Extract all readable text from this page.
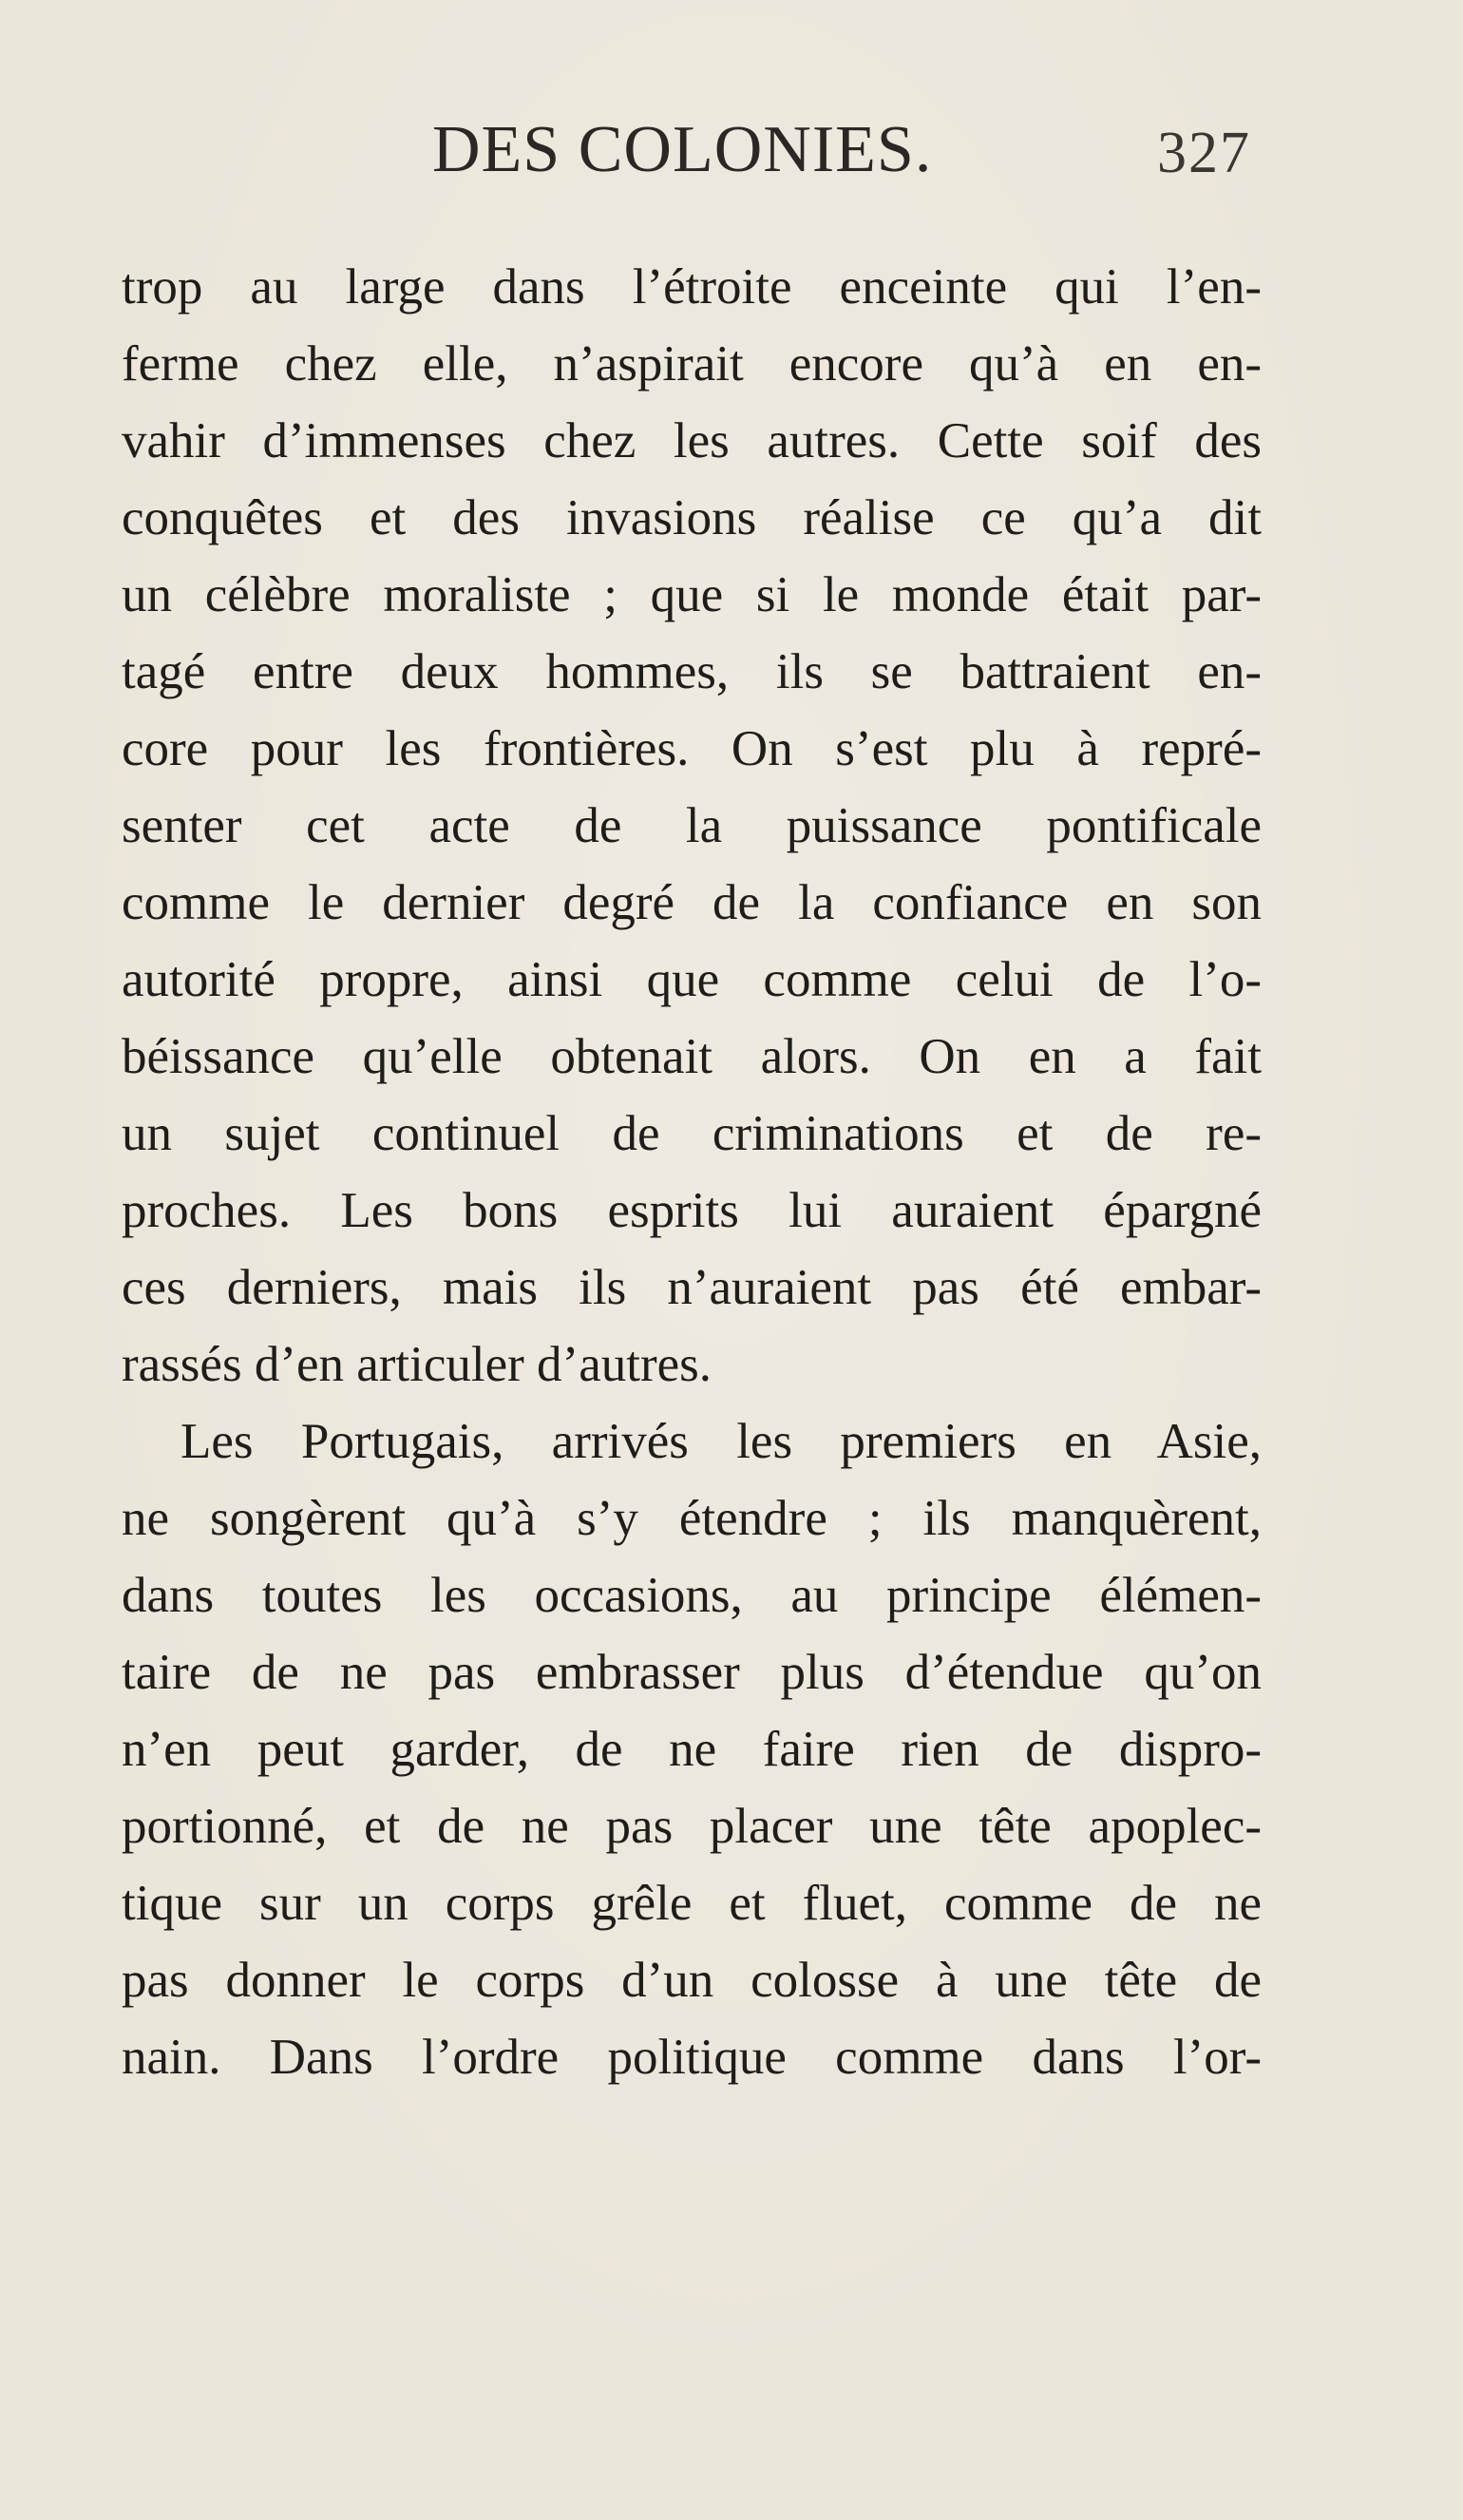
DES COLONIES.	327
trop au large dans l’étroite enceinte qui l’en-
ferme chez elle, n’aspirait encore qu’à en en-
vahir d’immenses chez les autres. Cette soif des
conquêtes et des invasions réalise ce qu’a dit
un célèbre moraliste ; que si le monde était par-
tagé entre deux hommes, ils se battraient en-
core pour les frontières. On s’est plu à repré-
senter cet acte de la puissance pontificale
comme le dernier degré de la confiance en son
autorité propre, ainsi que comme celui de l’o-
béissance qu’elle obtenait alors. On en a fait
un sujet continuel de criminations et de re-
proches. Les bons esprits lui auraient épargné
ces derniers, mais ils n’auraient pas été embar-
rassés d’en articuler d’autres.
Les Portugais, arrivés les premiers en Asie,
ne songèrent qu’à s’y étendre ; ils manquèrent,
dans toutes les occasions, au principe élémen-
taire de ne pas embrasser plus d’étendue qu’on
n’en peut garder, de ne faire rien de dispro-
portionné, et de ne pas placer une tête apoplec-
tique sur un corps grêle et fluet, comme de ne
pas donner le corps d’un colosse à une tête de
nain. Dans l’ordre politique comme dans l’or-
